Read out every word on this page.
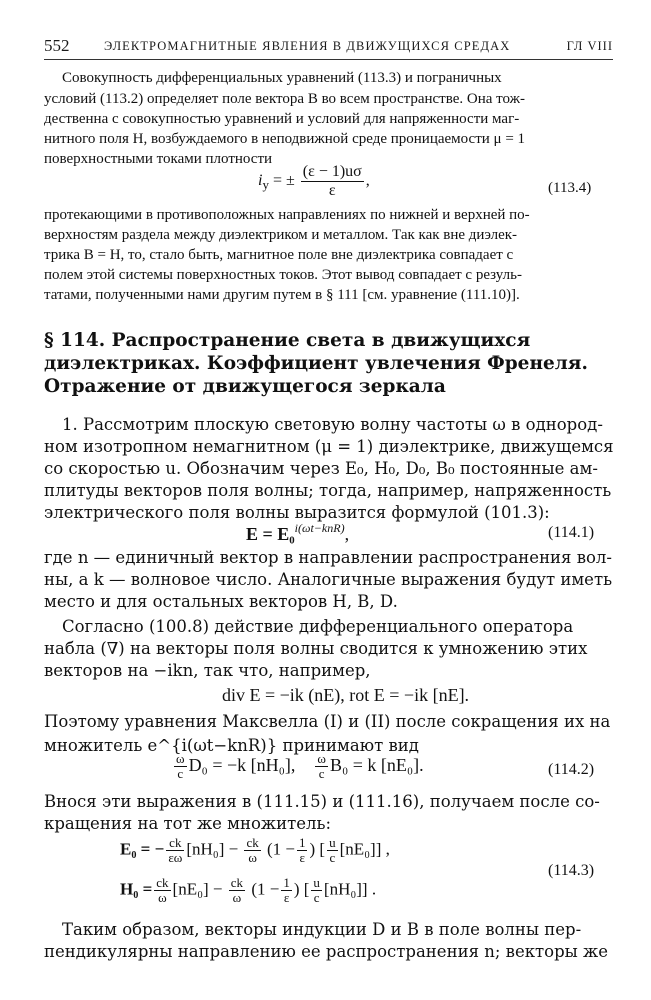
552	ЭЛЕКТРОМАГНИТНЫЕ ЯВЛЕНИЯ В ДВИЖУЩИХСЯ СРЕДАХ	ГЛ VIII
Совокупность дифференциальных уравнений (113.3) и пограничных
условий (113.2) определяет поле вектора B во всем пространстве. Она тож-
дественна с совокупностью уравнений и условий для напряженности маг-
нитного поля H, возбуждаемого в неподвижной среде проницаемости μ = 1
поверхностными токами плотности
$i_y$ = ± $\frac{(\varepsilon - 1)u\sigma}{\varepsilon}$ ,	(113.4)
протекающими в противоположных направлениях по нижней и верхней по-
верхностям раздела между диэлектриком и металлом. Так как вне диэлек-
трика B = H, то, стало быть, магнитное поле вне диэлектрика совпадает с
полем этой системы поверхностных токов. Этот вывод совпадает с резуль-
татами, полученными нами другим путем в § 111 [см. уравнение (111.10)].
§ 114. Распространение света в движущихся
диэлектриках. Коэффициент увлечения Френеля.
Отражение от движущегося зеркала
1. Рассмотрим плоскую световую волну частоты ω в однород-
ном изотропном немагнитном (μ = 1) диэлектрике, движущемся
со скоростью u. Обозначим через E₀, H₀, D₀, B₀ постоянные ам-
плитуды векторов поля волны; тогда, например, напряженность
электрического поля волны выразится формулой (101.3):
E = E₀$^{i(\omega t-knR)}$,	(114.1)
где n — единичный вектор в направлении распространения вол-
ны, а k — волновое число. Аналогичные выражения будут иметь
место и для остальных векторов H, B, D.
Согласно (100.8) действие дифференциального оператора
набла (∇) на векторы поля волны сводится к умножению этих
векторов на −ikn, так что, например,
div E = −ik (nE), rot E = −ik [nE].
Поэтому уравнения Максвелла (I) и (II) после сокращения их на
множитель e^{i(ωt−knR)} принимают вид
$\frac{\omega}{c} D_0 = -k$ [nH₀], $\frac{\omega}{c} B_0 = k$ [nE₀].	(114.2)
Внося эти выражения в (111.15) и (111.16), получаем после со-
кращения на тот же множитель:
E₀ = − $\frac{ck}{\varepsilon\omega} [nH_0] - \frac{ck}{\omega} (1 - \frac{1}{\varepsilon}$ ) [ $\frac{u}{c} [nE_0]$] ,
$H_0 = \frac{ck}{\omega} [nE_0] - \frac{ck}{\omega} (1 - \frac{1}{\varepsilon}$ ) [ $\frac{u}{c} [nH_0]$] .
(114.3)
Таким образом, векторы индукции D и B в поле волны пер-
пендикулярны направлению ее распространения n; векторы же
